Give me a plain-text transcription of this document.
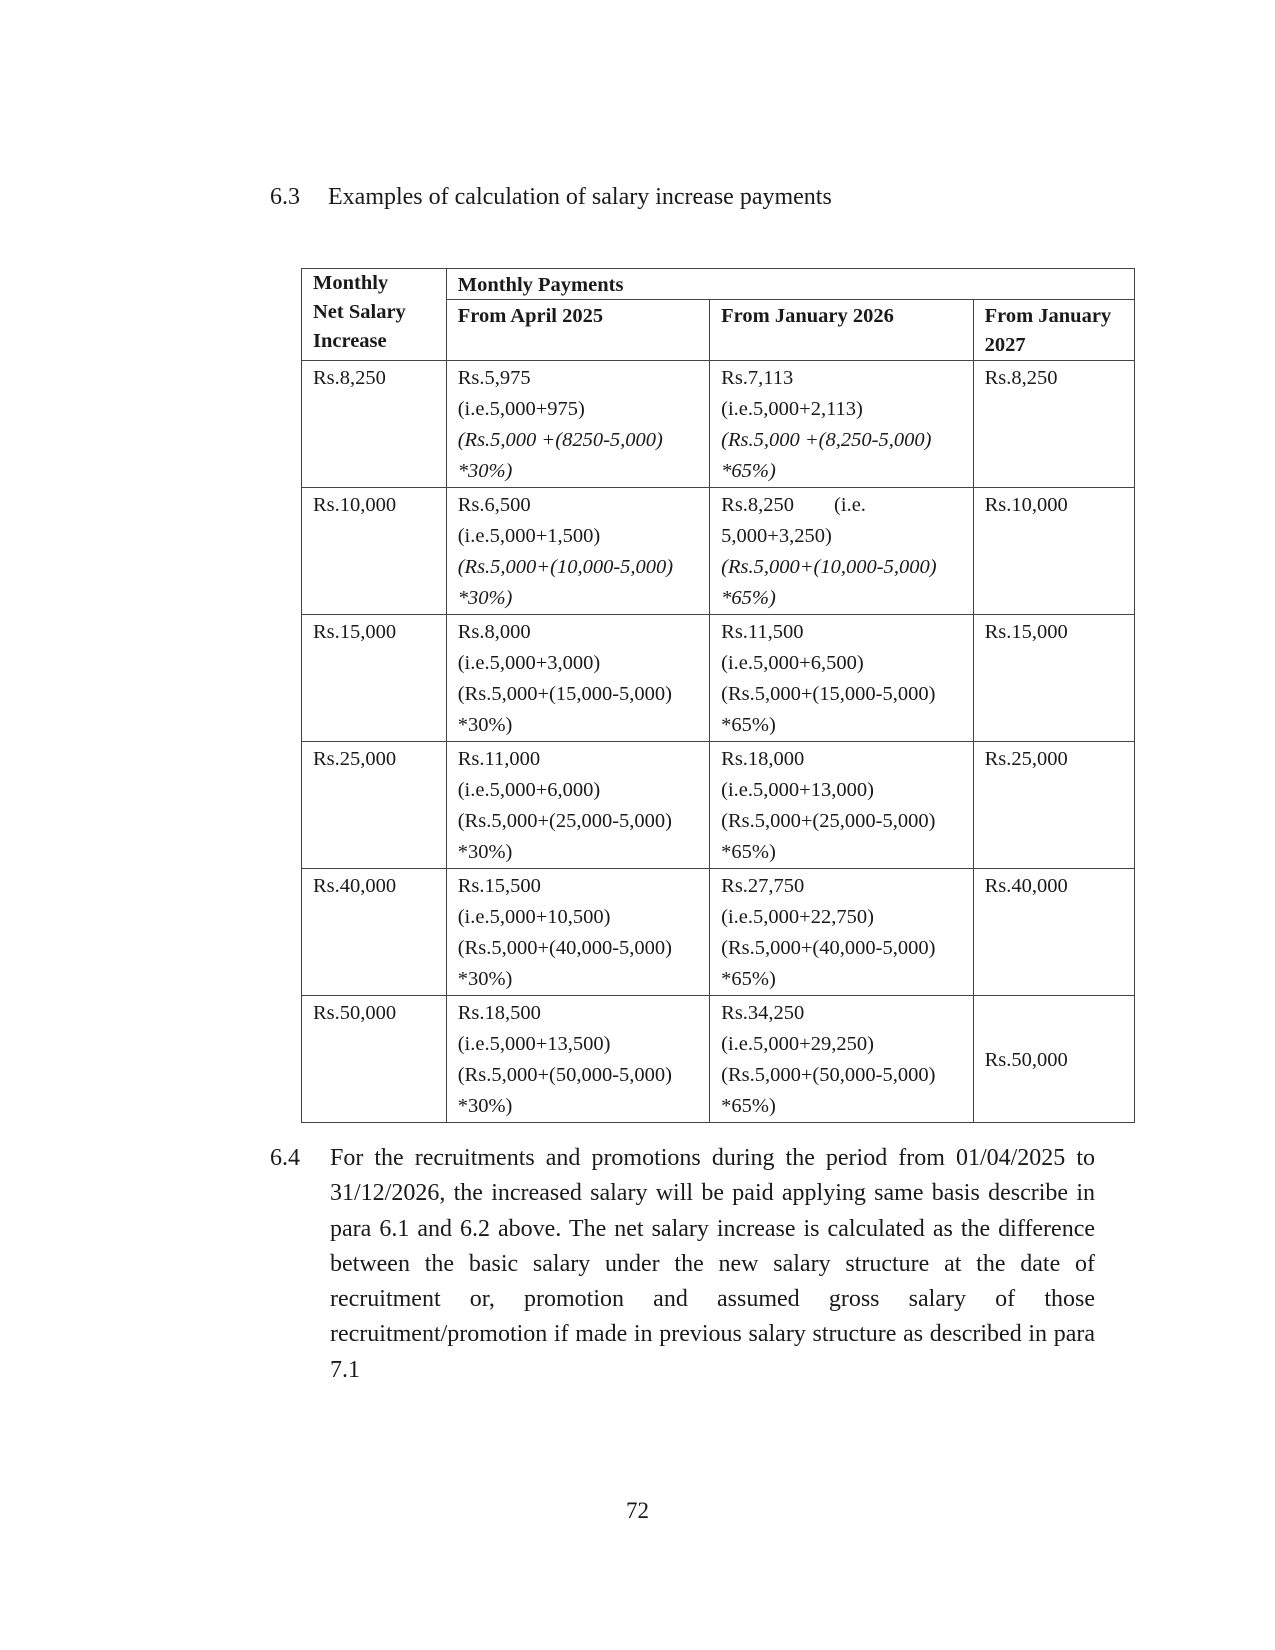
6.3	Examples of calculation of salary increase payments
Monthly
Net Salary
Increase	Monthly Payments		
	From April 2025	From January 2026	From January 2027
Rs.8,250	Rs.5,975
(i.e.5,000+975)
(Rs.5,000 +(8250-5,000)
*30%)	Rs.7,113
(i.e.5,000+2,113)
(Rs.5,000 +(8,250-5,000)
*65%)	Rs.8,250
Rs.10,000	Rs.6,500
(i.e.5,000+1,500)
(Rs.5,000+(10,000-5,000)
*30%)	Rs.8,250 (i.e.
5,000+3,250)
(Rs.5,000+(10,000-5,000)
*65%)	Rs.10,000
Rs.15,000	Rs.8,000
(i.e.5,000+3,000)
(Rs.5,000+(15,000-5,000)
*30%)	Rs.11,500
(i.e.5,000+6,500)
(Rs.5,000+(15,000-5,000)
*65%)	Rs.15,000
Rs.25,000	Rs.11,000
(i.e.5,000+6,000)
(Rs.5,000+(25,000-5,000)
*30%)	Rs.18,000
(i.e.5,000+13,000)
(Rs.5,000+(25,000-5,000)
*65%)	Rs.25,000
Rs.40,000	Rs.15,500
(i.e.5,000+10,500)
(Rs.5,000+(40,000-5,000)
*30%)	Rs.27,750
(i.e.5,000+22,750)
(Rs.5,000+(40,000-5,000)
*65%)	Rs.40,000
Rs.50,000	Rs.18,500
(i.e.5,000+13,500)
(Rs.5,000+(50,000-5,000)
*30%)	Rs.34,250
(i.e.5,000+29,250)
(Rs.5,000+(50,000-5,000)
*65%)	Rs.50,000
6.4	For the recruitments and promotions during the period from 01/04/2025 to 31/12/2026, the increased salary will be paid applying same basis describe in para 6.1 and 6.2 above. The net salary increase is calculated as the difference between the basic salary under the new salary structure at the date of recruitment or, promotion and assumed gross salary of those recruitment/promotion if made in previous salary structure as described in para 7.1
72
